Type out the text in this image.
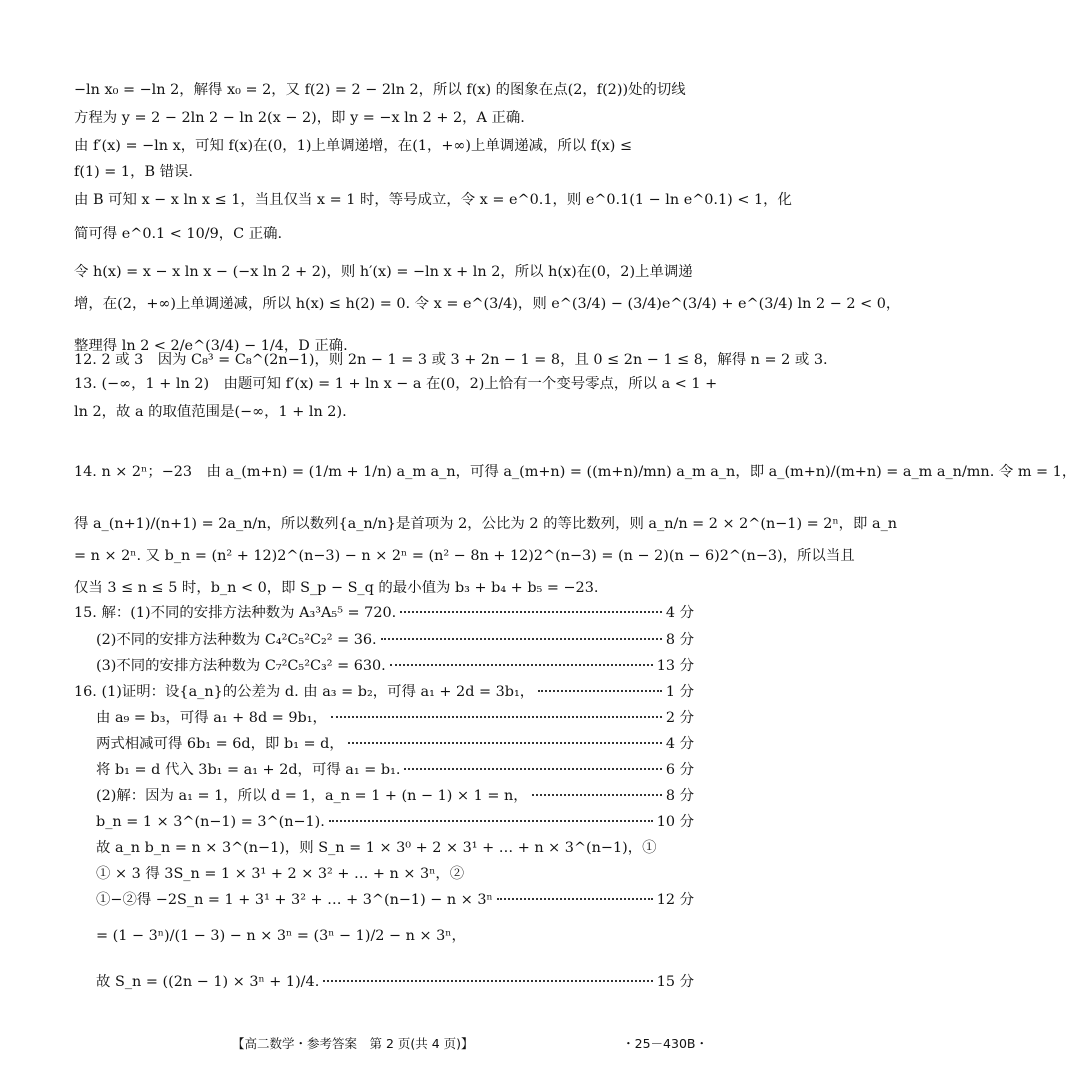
−ln x₀ = −ln 2，解得 x₀ = 2，又 f(2) = 2 − 2ln 2，所以 f(x) 的图象在点(2，f(2))处的切线
方程为 y = 2 − 2ln 2 − ln 2(x − 2)，即 y = −x ln 2 + 2，A 正确.
由 f′(x) = −ln x，可知 f(x)在(0，1)上单调递增，在(1，+∞)上单调递减，所以 f(x) ≤
f(1) = 1，B 错误.
由 B 可知 x − x ln x ≤ 1，当且仅当 x = 1 时，等号成立，令 x = e^0.1，则 e^0.1(1 − ln e^0.1) < 1，化
简可得 e^0.1 < 10/9，C 正确.
令 h(x) = x − x ln x − (−x ln 2 + 2)，则 h′(x) = −ln x + ln 2，所以 h(x)在(0，2)上单调递
增，在(2，+∞)上单调递减，所以 h(x) ≤ h(2) = 0. 令 x = e^(3/4)，则 e^(3/4) − (3/4)e^(3/4) + e^(3/4) ln 2 − 2 < 0，
整理得 ln 2 < 2/e^(3/4) − 1/4，D 正确.
12. 2 或 3　因为 C₈³ = C₈^(2n−1)，则 2n − 1 = 3 或 3 + 2n − 1 = 8，且 0 ≤ 2n − 1 ≤ 8，解得 n = 2 或 3.
13. (−∞，1 + ln 2)　由题可知 f′(x) = 1 + ln x − a 在(0，2)上恰有一个变号零点，所以 a < 1 +
ln 2，故 a 的取值范围是(−∞，1 + ln 2).
14. n × 2ⁿ；−23　由 a_(m+n) = (1/m + 1/n) a_m a_n，可得 a_(m+n) = ((m+n)/mn) a_m a_n，即 a_(m+n)/(m+n) = a_m a_n/mn. 令 m = 1，
得 a_(n+1)/(n+1) = 2a_n/n，所以数列{a_n/n}是首项为 2，公比为 2 的等比数列，则 a_n/n = 2 × 2^(n−1) = 2ⁿ，即 a_n
= n × 2ⁿ. 又 b_n = (n² + 12)2^(n−3) − n × 2ⁿ = (n² − 8n + 12)2^(n−3) = (n − 2)(n − 6)2^(n−3)，所以当且
仅当 3 ≤ n ≤ 5 时，b_n < 0，即 S_p − S_q 的最小值为 b₃ + b₄ + b₅ = −23.
故 a_n b_n = n × 3^(n−1)，则 S_n = 1 × 3⁰ + 2 × 3¹ + … + n × 3^(n−1)，①
① × 3 得 3S_n = 1 × 3¹ + 2 × 3² + … + n × 3ⁿ，②
= (1 − 3ⁿ)/(1 − 3) − n × 3ⁿ = (3ⁿ − 1)/2 − n × 3ⁿ，
15. 解：(1)不同的安排方法种数为 A₃³A₅⁵ = 720.	4 分
(2)不同的安排方法种数为 C₄²C₅²C₂² = 36.	8 分
(3)不同的安排方法种数为 C₇²C₅²C₃² = 630.	13 分
16. (1)证明：设{a_n}的公差为 d. 由 a₃ = b₂，可得 a₁ + 2d = 3b₁，	1 分
由 a₉ = b₃，可得 a₁ + 8d = 9b₁，	2 分
两式相减可得 6b₁ = 6d，即 b₁ = d，	4 分
将 b₁ = d 代入 3b₁ = a₁ + 2d，可得 a₁ = b₁.	6 分
(2)解：因为 a₁ = 1，所以 d = 1，a_n = 1 + (n − 1) × 1 = n，	8 分
b_n = 1 × 3^(n−1) = 3^(n−1).	10 分
①−②得 −2S_n = 1 + 3¹ + 3² + … + 3^(n−1) − n × 3ⁿ	12 分
故 S_n = ((2n − 1) × 3ⁿ + 1)/4.	15 分
【高二数学・参考答案　第 2 页(共 4 页)】	・25－430B・
